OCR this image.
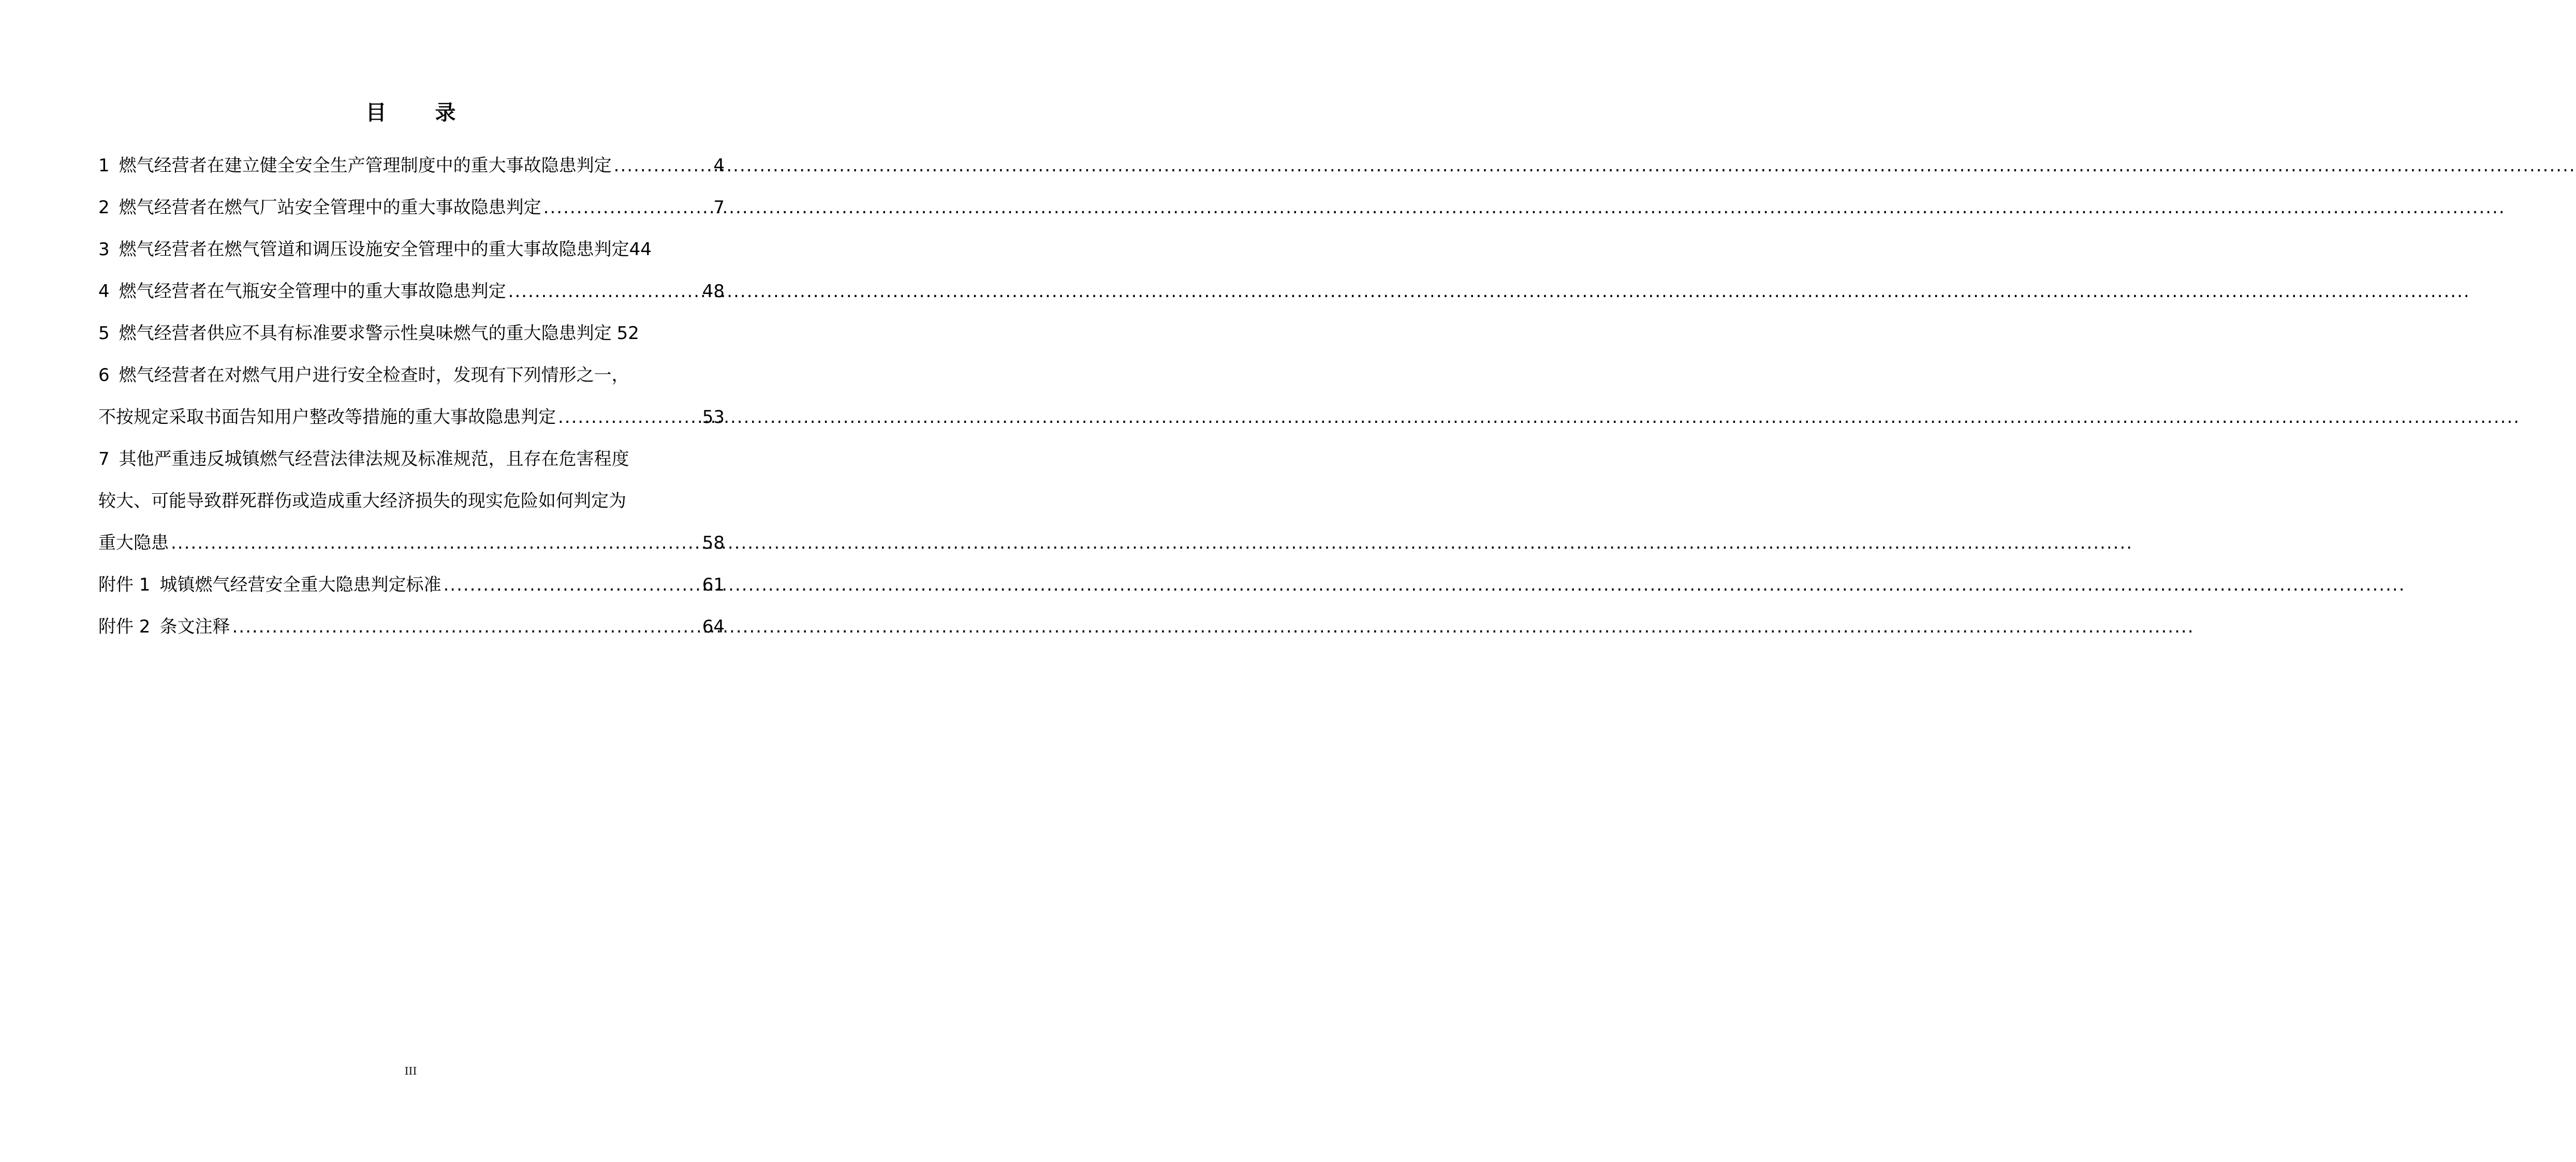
目 录
1 燃气经营者在建立健全安全生产管理制度中的重大事故隐患判定 .....	4
2 燃气经营者在燃气厂站安全管理中的重大事故隐患判定 .....	7
3 燃气经营者在燃气管道和调压设施安全管理中的重大事故隐患判定 44
4 燃气经营者在气瓶安全管理中的重大事故隐患判定 .....	48
5 燃气经营者供应不具有标准要求警示性臭味燃气的重大隐患判定 52
6 燃气经营者在对燃气用户进行安全检查时，发现有下列情形之一，
不按规定采取书面告知用户整改等措施的重大事故隐患判定 .....	53
7 其他严重违反城镇燃气经营法律法规及标准规范，且存在危害程度
较大、可能导致群死群伤或造成重大经济损失的现实危险如何判定为
重大隐患 .....	58
附件 1 城镇燃气经营安全重大隐患判定标准 .....	61
附件 2 条文注释 .....	64
III
